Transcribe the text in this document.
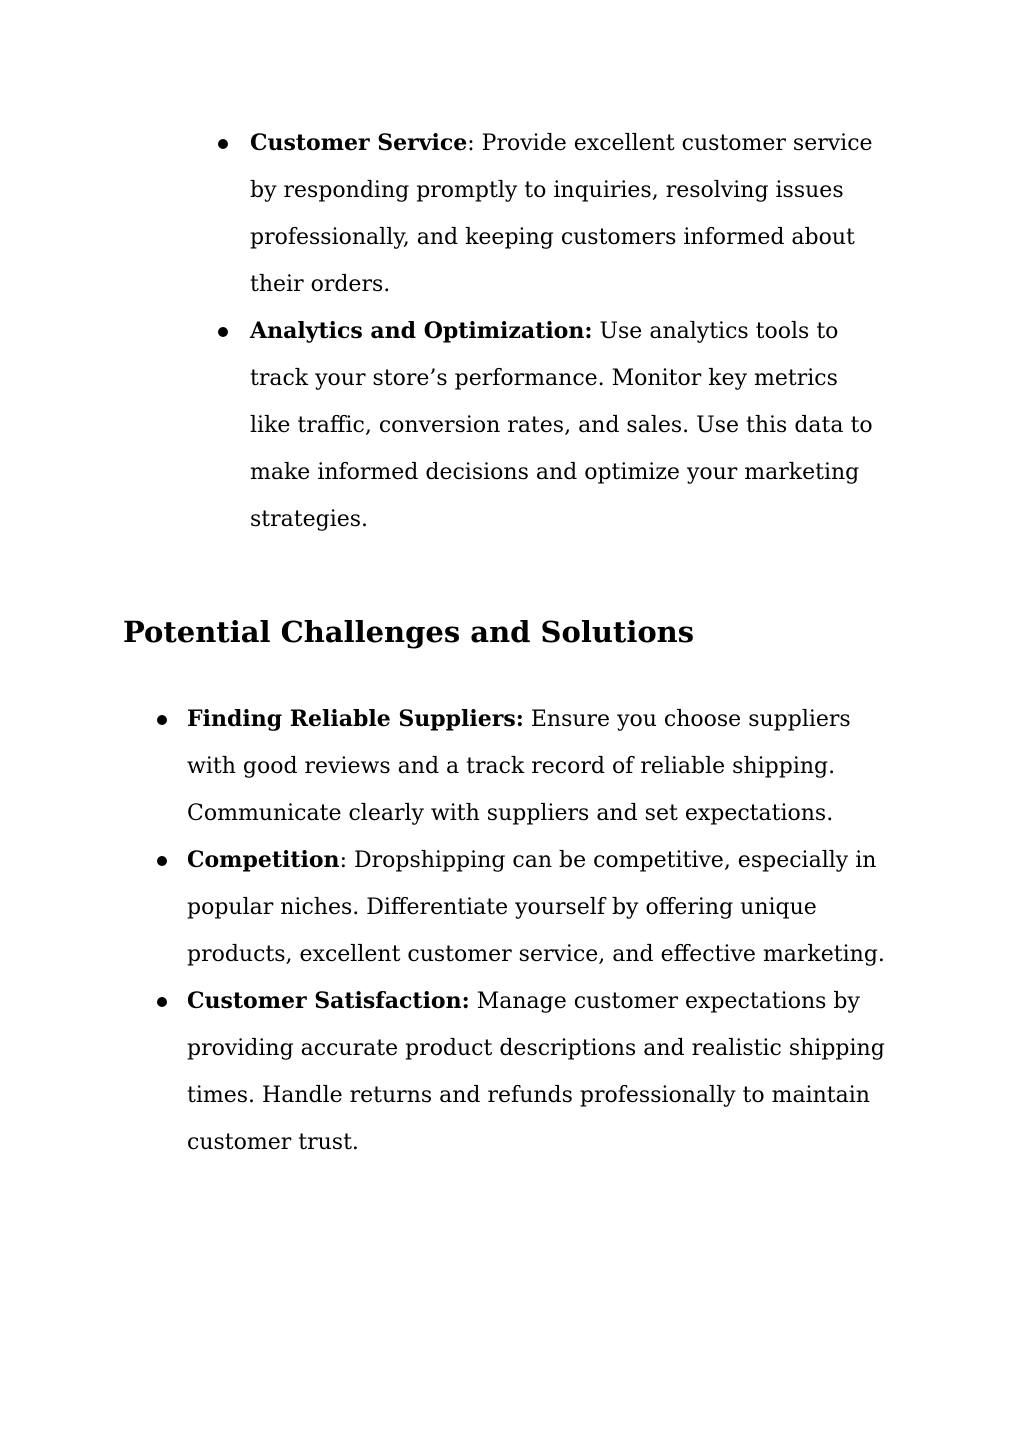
Customer Service: Provide excellent customer service by responding promptly to inquiries, resolving issues professionally, and keeping customers informed about their orders.
Analytics and Optimization: Use analytics tools to track your store’s performance. Monitor key metrics like traffic, conversion rates, and sales. Use this data to make informed decisions and optimize your marketing strategies.
Potential Challenges and Solutions
Finding Reliable Suppliers: Ensure you choose suppliers with good reviews and a track record of reliable shipping. Communicate clearly with suppliers and set expectations.
Competition: Dropshipping can be competitive, especially in popular niches. Differentiate yourself by offering unique products, excellent customer service, and effective marketing.
Customer Satisfaction: Manage customer expectations by providing accurate product descriptions and realistic shipping times. Handle returns and refunds professionally to maintain customer trust.
